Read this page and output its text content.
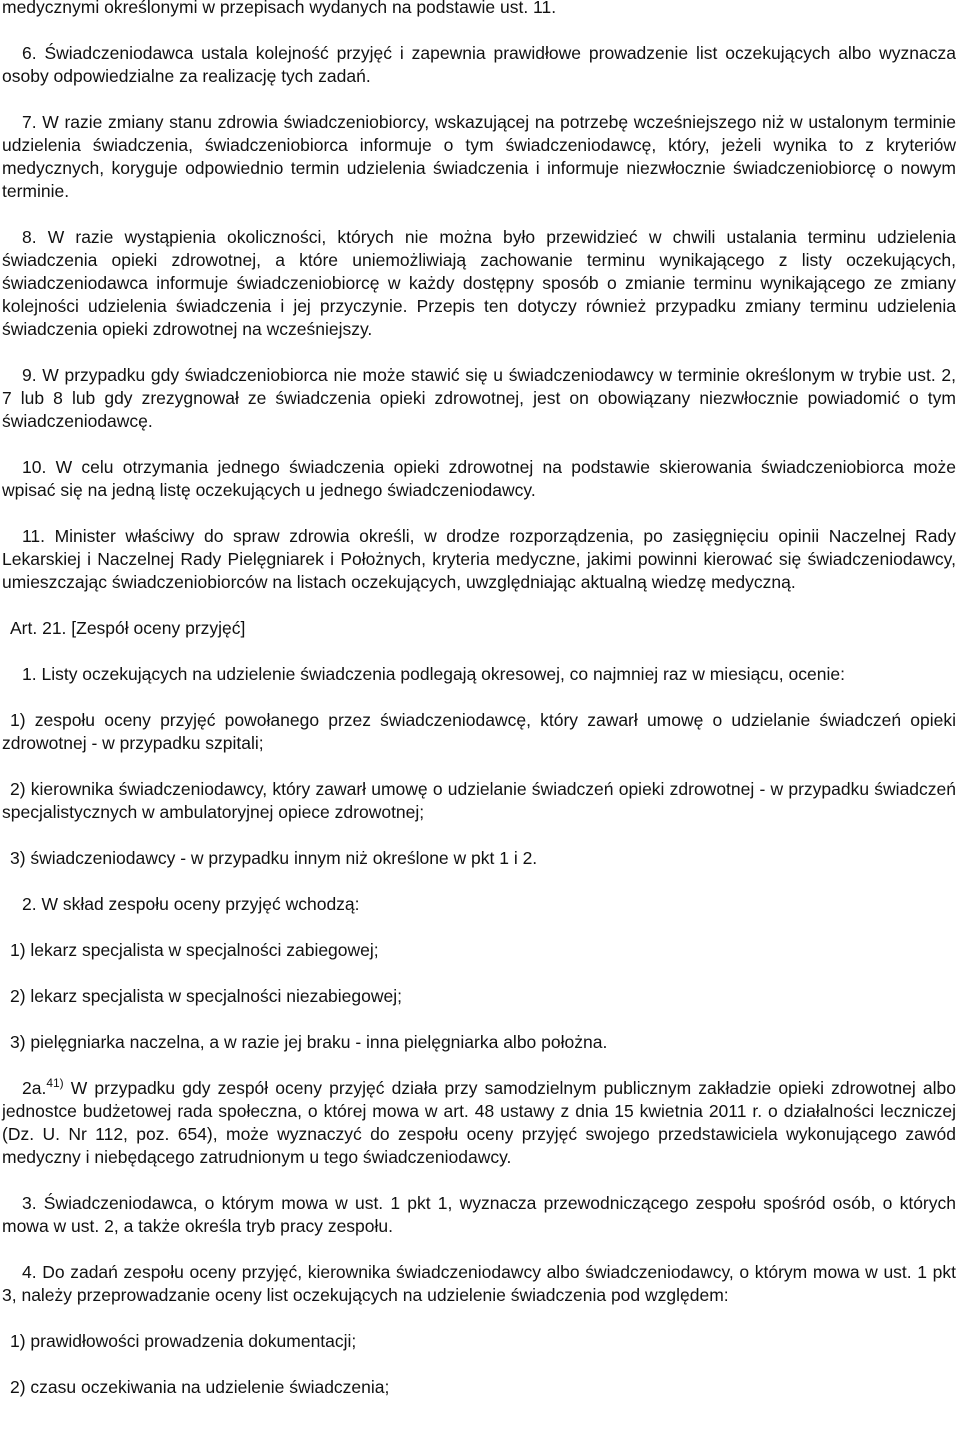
medycznymi określonymi w przepisach wydanych na podstawie ust. 11.

6. Świadczeniodawca ustala kolejność przyjęć i zapewnia prawidłowe prowadzenie list oczekujących albo wyznacza osoby odpowiedzialne za realizację tych zadań.

7. W razie zmiany stanu zdrowia świadczeniobiorcy, wskazującej na potrzebę wcześniejszego niż w ustalonym terminie udzielenia świadczenia, świadczeniobiorca informuje o tym świadczeniodawcę, który, jeżeli wynika to z kryteriów medycznych, koryguje odpowiednio termin udzielenia świadczenia i informuje niezwłocznie świadczeniobiorcę o nowym terminie.

8. W razie wystąpienia okoliczności, których nie można było przewidzieć w chwili ustalania terminu udzielenia świadczenia opieki zdrowotnej, a które uniemożliwiają zachowanie terminu wynikającego z listy oczekujących, świadczeniodawca informuje świadczeniobiorcę w każdy dostępny sposób o zmianie terminu wynikającego ze zmiany kolejności udzielenia świadczenia i jej przyczynie. Przepis ten dotyczy również przypadku zmiany terminu udzielenia świadczenia opieki zdrowotnej na wcześniejszy.

9. W przypadku gdy świadczeniobiorca nie może stawić się u świadczeniodawcy w terminie określonym w trybie ust. 2, 7 lub 8 lub gdy zrezygnował ze świadczenia opieki zdrowotnej, jest on obowiązany niezwłocznie powiadomić o tym świadczeniodawcę.

10. W celu otrzymania jednego świadczenia opieki zdrowotnej na podstawie skierowania świadczeniobiorca może wpisać się na jedną listę oczekujących u jednego świadczeniodawcy.

11. Minister właściwy do spraw zdrowia określi, w drodze rozporządzenia, po zasięgnięciu opinii Naczelnej Rady Lekarskiej i Naczelnej Rady Pielęgniarek i Położnych, kryteria medyczne, jakimi powinni kierować się świadczeniodawcy, umieszczając świadczeniobiorców na listach oczekujących, uwzględniając aktualną wiedzę medyczną.

Art. 21. [Zespół oceny przyjęć]

1. Listy oczekujących na udzielenie świadczenia podlegają okresowej, co najmniej raz w miesiącu, ocenie:

1) zespołu oceny przyjęć powołanego przez świadczeniodawcę, który zawarł umowę o udzielanie świadczeń opieki zdrowotnej - w przypadku szpitali;

2) kierownika świadczeniodawcy, który zawarł umowę o udzielanie świadczeń opieki zdrowotnej - w przypadku świadczeń specjalistycznych w ambulatoryjnej opiece zdrowotnej;

3) świadczeniodawcy - w przypadku innym niż określone w pkt 1 i 2.

2. W skład zespołu oceny przyjęć wchodzą:

1) lekarz specjalista w specjalności zabiegowej;

2) lekarz specjalista w specjalności niezabiegowej;

3) pielęgniarka naczelna, a w razie jej braku - inna pielęgniarka albo położna.

2a.$^{41)}$ W przypadku gdy zespół oceny przyjęć działa przy samodzielnym publicznym zakładzie opieki zdrowotnej albo jednostce budżetowej rada społeczna, o której mowa w art. 48 ustawy z dnia 15 kwietnia 2011 r. o działalności leczniczej (Dz. U. Nr 112, poz. 654), może wyznaczyć do zespołu oceny przyjęć swojego przedstawiciela wykonującego zawód medyczny i niebędącego zatrudnionym u tego świadczeniodawcy.

3. Świadczeniodawca, o którym mowa w ust. 1 pkt 1, wyznacza przewodniczącego zespołu spośród osób, o których mowa w ust. 2, a także określa tryb pracy zespołu.

4. Do zadań zespołu oceny przyjęć, kierownika świadczeniodawcy albo świadczeniodawcy, o którym mowa w ust. 1 pkt 3, należy przeprowadzanie oceny list oczekujących na udzielenie świadczenia pod względem:

1) prawidłowości prowadzenia dokumentacji;

2) czasu oczekiwania na udzielenie świadczenia;
